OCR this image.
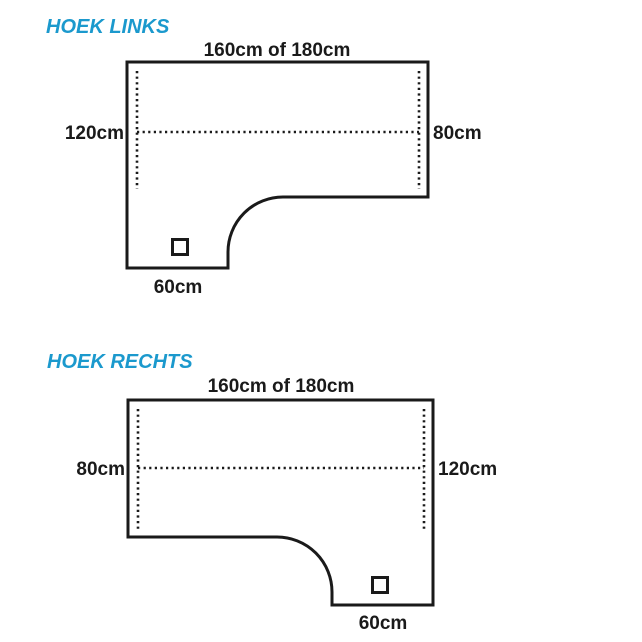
HOEK LINKS
160cm of 180cm
120cm	80cm
60cm
HOEK RECHTS
160cm of 180cm
80cm	120cm
60cm
